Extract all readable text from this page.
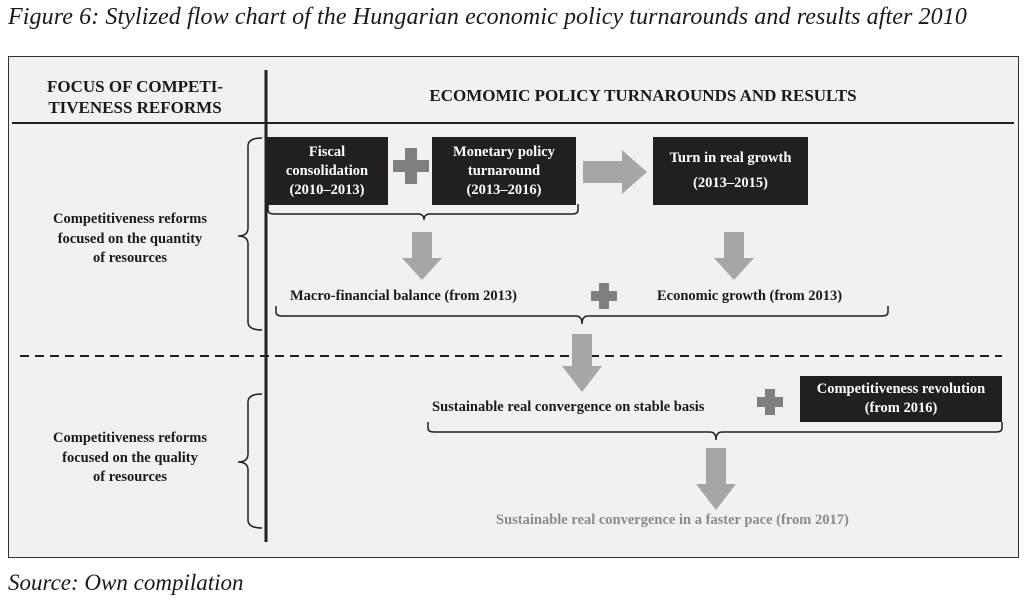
Figure 6: Stylized flow chart of the Hungarian economic policy turnarounds and results after 2010
FOCUS OF COMPETI-
TIVENESS REFORMS
ECOMOMIC POLICY TURNAROUNDS AND RESULTS
Competitiveness reforms
focused on the quantity
of resources
Competitiveness reforms
focused on the quality
of resources
Fiscal
consolidation
(2010–2013)
Monetary policy
turnaround
(2013–2016)
Turn in real growth
(2013–2015)
Competitiveness revolution
(from 2016)
Macro-financial balance (from 2013)	Economic growth (from 2013)
Sustainable real convergence on stable basis
Sustainable real convergence in a faster pace (from 2017)
Source: Own compilation
